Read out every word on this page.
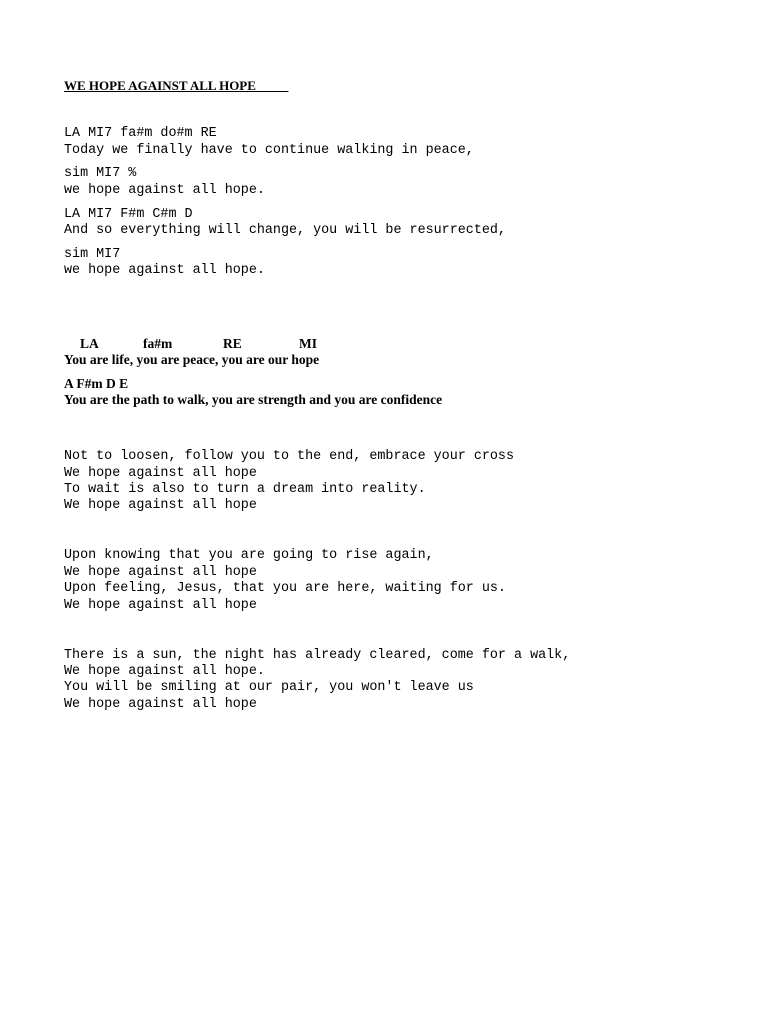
WE HOPE AGAINST ALL HOPE
LA MI7 fa#m do#m RE
Today we finally have to continue walking in peace,
sim MI7 %
we hope against all hope.
LA MI7 F#m C#m D
And so everything will change, you will be resurrected,
sim MI7
we hope against all hope.
LA	fa#m	RE	MI
You are life, you are peace, you are our hope
A F#m D E
You are the path to walk, you are strength and you are confidence
Not to loosen, follow you to the end, embrace your cross
We hope against all hope
To wait is also to turn a dream into reality.
We hope against all hope
Upon knowing that you are going to rise again,
We hope against all hope
Upon feeling, Jesus, that you are here, waiting for us.
We hope against all hope
There is a sun, the night has already cleared, come for a walk,
We hope against all hope.
You will be smiling at our pair, you won't leave us
We hope against all hope
